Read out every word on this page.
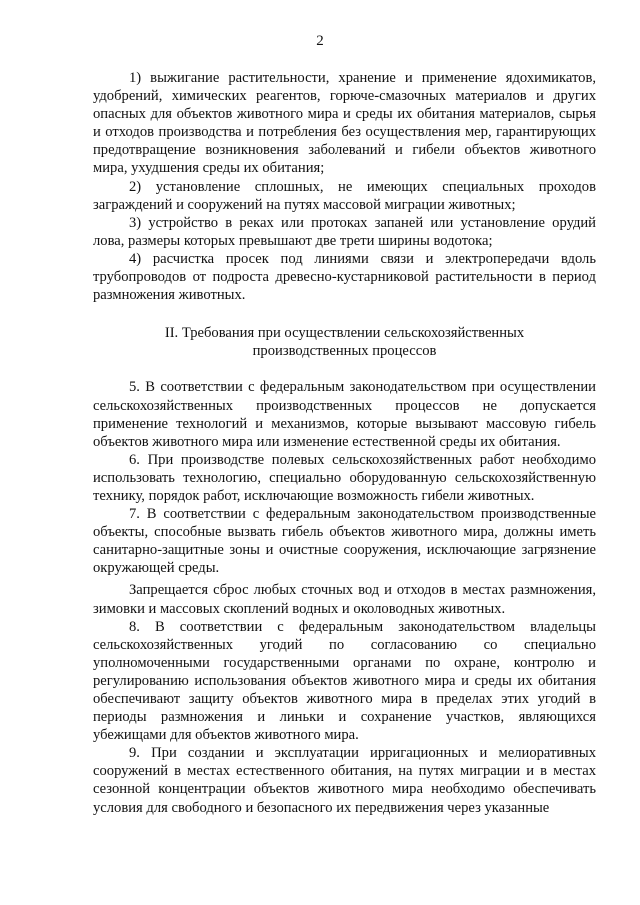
2

1) выжигание растительности, хранение и применение ядохимикатов, удобрений, химических реагентов, горюче-смазочных материалов и других опасных для объектов животного мира и среды их обитания материалов, сырья и отходов производства и потребления без осуществления мер, гарантирующих предотвращение возникновения заболеваний и гибели объектов животного мира, ухудшения среды их обитания;

2) установление сплошных, не имеющих специальных проходов заграждений и сооружений на путях массовой миграции животных;

3) устройство в реках или протоках запаней или установление орудий лова, размеры которых превышают две трети ширины водотока;

4) расчистка просек под линиями связи и электропередачи вдоль трубопроводов от подроста древесно-кустарниковой растительности в период размножения животных.

II. Требования при осуществлении сельскохозяйственных производственных процессов

5. В соответствии с федеральным законодательством при осуществлении сельскохозяйственных производственных процессов не допускается применение технологий и механизмов, которые вызывают массовую гибель объектов животного мира или изменение естественной среды их обитания.

6. При производстве полевых сельскохозяйственных работ необходимо использовать технологию, специально оборудованную сельскохозяйственную технику, порядок работ, исключающие возможность гибели животных.

7. В соответствии с федеральным законодательством производственные объекты, способные вызвать гибель объектов животного мира, должны иметь санитарно-защитные зоны и очистные сооружения, исключающие загрязнение окружающей среды.

Запрещается сброс любых сточных вод и отходов в местах размножения, зимовки и массовых скоплений водных и околоводных животных.

8. В соответствии с федеральным законодательством владельцы сельскохозяйственных угодий по согласованию со специально уполномоченными государственными органами по охране, контролю и регулированию использования объектов животного мира и среды их обитания обеспечивают защиту объектов животного мира в пределах этих угодий в периоды размножения и линьки и сохранение участков, являющихся убежищами для объектов животного мира.

9. При создании и эксплуатации ирригационных и мелиоративных сооружений в местах естественного обитания, на путях миграции и в местах сезонной концентрации объектов животного мира необходимо обеспечивать условия для свободного и безопасного их передвижения через указанные
